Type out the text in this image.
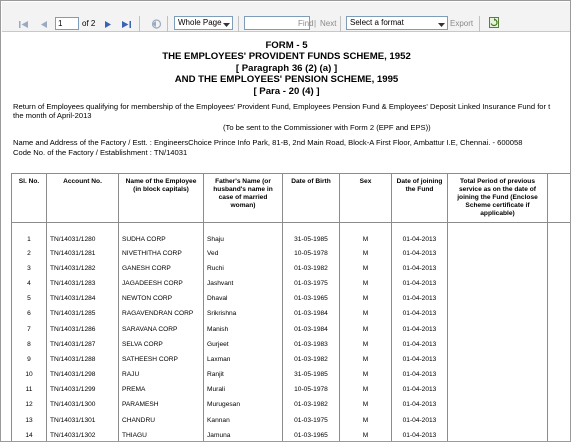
1
of 2	Whole Page	Find | Next	Select a format	Export
FORM - 5
THE EMPLOYEES' PROVIDENT FUNDS SCHEME, 1952
[ Paragraph 36 (2) (a) ]
AND THE EMPLOYEES' PENSION SCHEME, 1995
[ Para - 20 (4) ]
Return of Employees qualifying for membership of the Employees' Provident Fund, Employees Pension Fund & Employees' Deposit Linked Insurance Fund for t
the month of April-2013
(To be sent to the Commissioner with Form 2 (EPF and EPS))
Name and Address of the Factory / Estt. : EngineersChoice Prince Info Park, 81-B, 2nd Main Road, Block-A First Floor, Ambattur I.E, Chennai. - 600058
Code No. of the Factory / Establishment : TN/14031
Sl. No.	Account No.	Name of the Employee (in block capitals)	Father's Name (or husband's name in case of married woman)	Date of Birth	Sex	Date of joining the Fund	Total Period of previous service as on the date of joining the Fund (Enclose Scheme certificate if applicable)	
1	TN/14031/1280	SUDHA CORP	Shaju	31-05-1985	M	01-04-2013		
2	TN/14031/1281	NIVETHITHA CORP	Ved	10-05-1978	M	01-04-2013		
3	TN/14031/1282	GANESH CORP	Ruchi	01-03-1982	M	01-04-2013		
4	TN/14031/1283	JAGADEESH CORP	Jashvant	01-03-1975	M	01-04-2013		
5	TN/14031/1284	NEWTON CORP	Dhaval	01-03-1965	M	01-04-2013		
6	TN/14031/1285	RAGAVENDRAN CORP	Srikrishna	01-03-1984	M	01-04-2013		
7	TN/14031/1286	SARAVANA CORP	Manish	01-03-1984	M	01-04-2013		
8	TN/14031/1287	SELVA CORP	Gurjeet	01-03-1983	M	01-04-2013		
9	TN/14031/1288	SATHEESH CORP	Laxman	01-03-1982	M	01-04-2013		
10	TN/14031/1298	RAJU	Ranjit	31-05-1985	M	01-04-2013		
11	TN/14031/1299	PREMA	Murali	10-05-1978	M	01-04-2013		
12	TN/14031/1300	PARAMESH	Murugesan	01-03-1982	M	01-04-2013		
13	TN/14031/1301	CHANDRU	Kannan	01-03-1975	M	01-04-2013		
14	TN/14031/1302	THIAGU	Jamuna	01-03-1965	M	01-04-2013		
